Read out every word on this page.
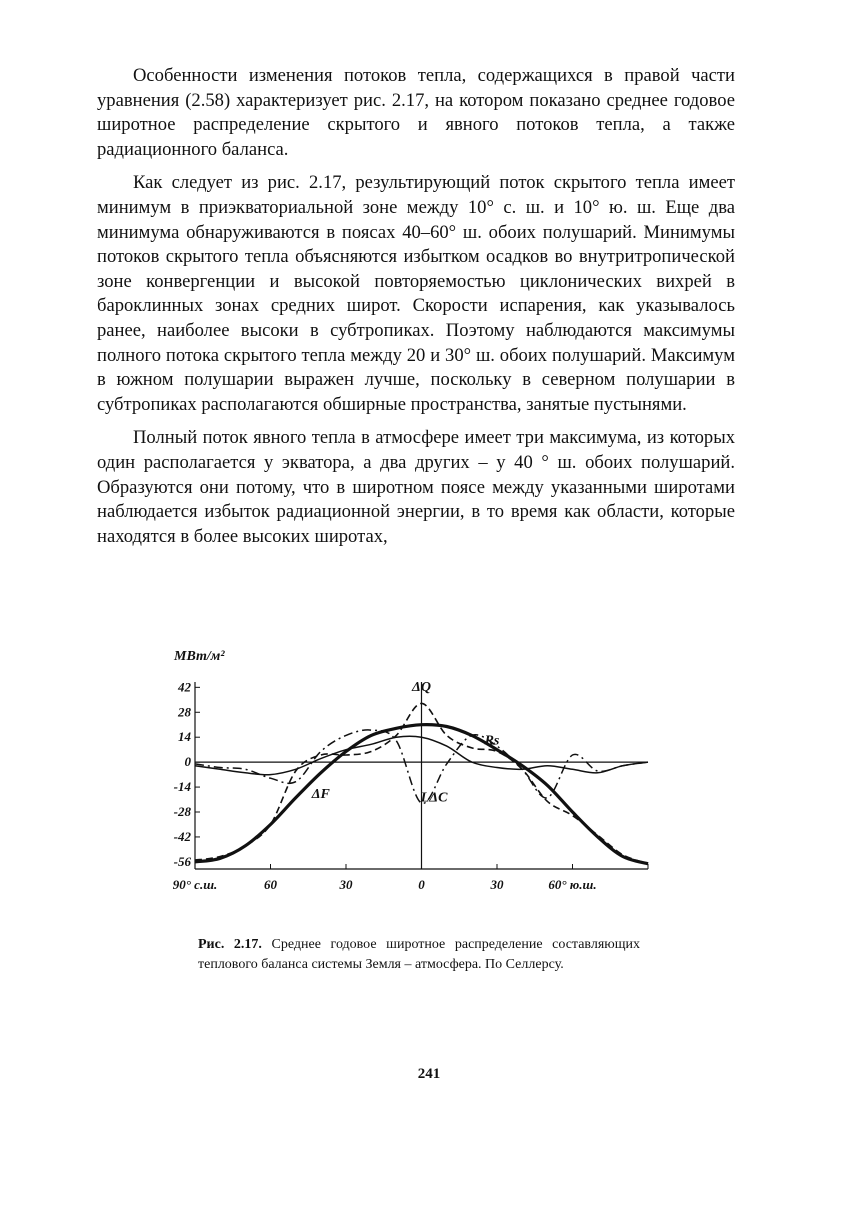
Особенности изменения потоков тепла, содержащихся в правой части уравнения (2.58) характеризует рис. 2.17, на котором показано среднее годовое широтное распределение скрытого и явного потоков тепла, а также радиационного баланса.

Как следует из рис. 2.17, результирующий поток скрытого тепла имеет минимум в приэкваториальной зоне между 10° с. ш. и 10° ю. ш. Еще два минимума обнаруживаются в поясах 40–60° ш. обоих полушарий. Минимумы потоков скрытого тепла объясняются избытком осадков во внутритропической зоне конвергенции и высокой повторяемостью циклонических вихрей в бароклинных зонах средних широт. Скорости испарения, как указывалось ранее, наиболее высоки в субтропиках. Поэтому наблюдаются максимумы полного потока скрытого тепла между 20 и 30° ш. обоих полушарий. Максимум в южном полушарии выражен лучше, поскольку в северном полушарии в субтропиках располагаются обширные пространства, занятые пустынями.

Полный поток явного тепла в атмосфере имеет три максимума, из которых один располагается у экватора, а два других – у 40 ° ш. обоих полушарий. Образуются они потому, что в широтном поясе между указанными широтами наблюдается избыток радиационной энергии, в то время как области, которые находятся в более высоких широтах,

МВт/м²
42
28
14
0
-14
-28
-42
-56
90° с.ш.	60	30	0	30	60° ю.ш.
ΔQ
Rs
LΔC
ΔF
Рис. 2.17. Среднее годовое широтное распределение составляющих теплового баланса системы Земля – атмосфера. По Селлерсу.
241
